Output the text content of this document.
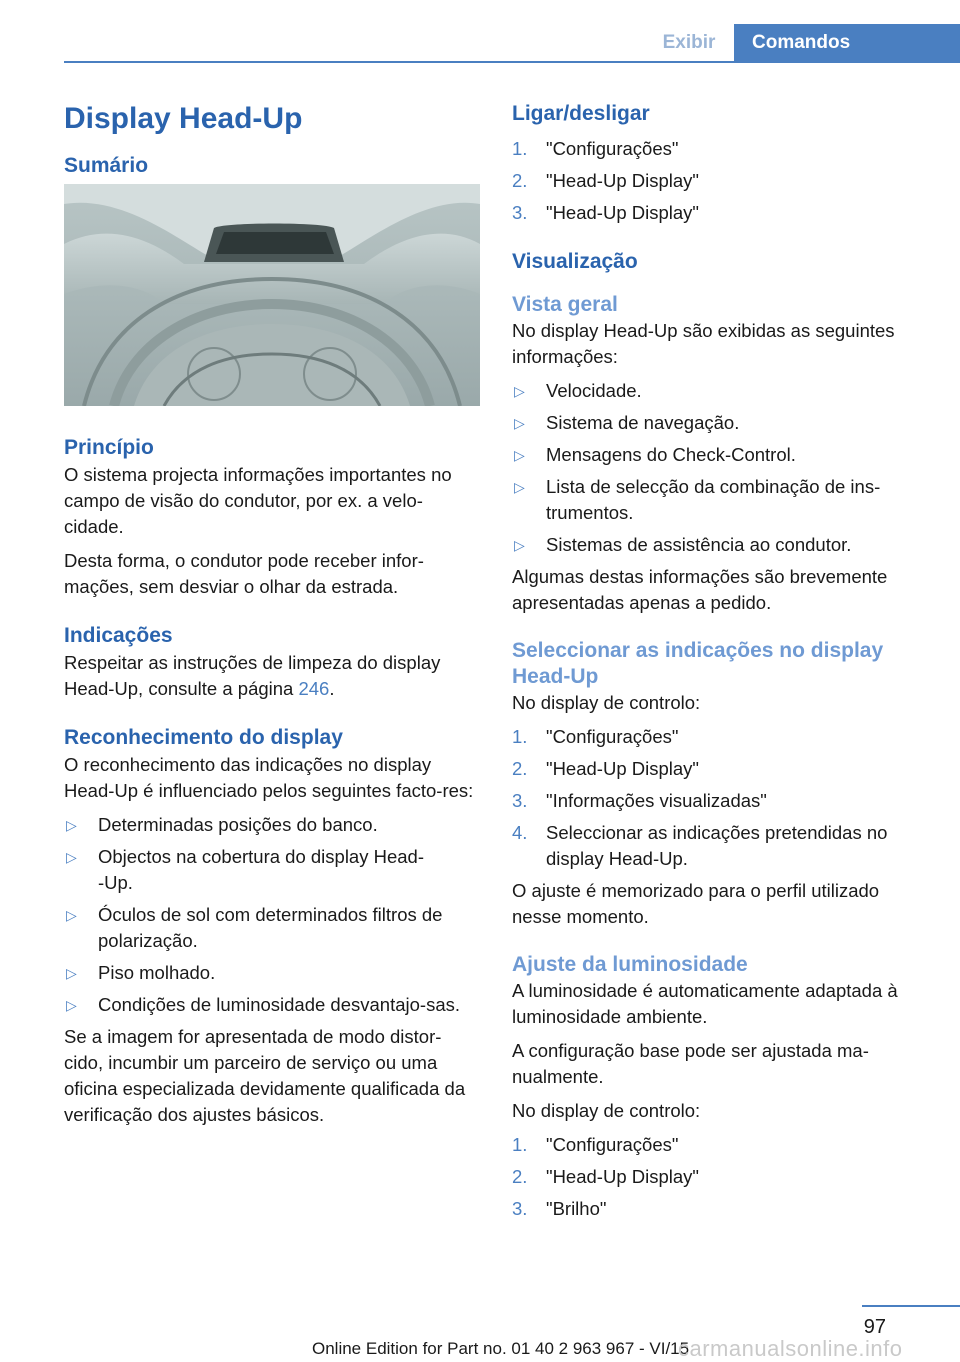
Exibir	Comandos
Display Head-Up
Sumário
Princípio
O sistema projecta informações importantes no campo de visão do condutor, por ex. a velo‐cidade.
Desta forma, o condutor pode receber infor‐mações, sem desviar o olhar da estrada.
Indicações
Respeitar as instruções de limpeza do display Head-Up, consulte a página 246.
Reconhecimento do display
O reconhecimento das indicações no display Head-Up é influenciado pelos seguintes facto‐res:
▷	Determinadas posições do banco.
▷	Objectos na cobertura do display Head-
-Up.
▷	Óculos de sol com determinados filtros de polarização.
▷	Piso molhado.
▷	Condições de luminosidade desvantajo‐sas.
Se a imagem for apresentada de modo distor‐cido, incumbir um parceiro de serviço ou uma oficina especializada devidamente qualificada da verificação dos ajustes básicos.
Ligar/desligar
1.	"Configurações"
2.	"Head-Up Display"
3.	"Head-Up Display"
Visualização
Vista geral
No display Head-Up são exibidas as seguintes informações:
▷	Velocidade.
▷	Sistema de navegação.
▷	Mensagens do Check-Control.
▷	Lista de selecção da combinação de ins‐trumentos.
▷	Sistemas de assistência ao condutor.
Algumas destas informações são brevemente apresentadas apenas a pedido.
Seleccionar as indicações no display Head-Up
No display de controlo:
1.	"Configurações"
2.	"Head-Up Display"
3.	"Informações visualizadas"
4.	Seleccionar as indicações pretendidas no display Head-Up.
O ajuste é memorizado para o perfil utilizado nesse momento.
Ajuste da luminosidade
A luminosidade é automaticamente adaptada à luminosidade ambiente.
A configuração base pode ser ajustada ma‐nualmente.
No display de controlo:
1.	"Configurações"
2.	"Head-Up Display"
3.	"Brilho"
97
Online Edition for Part no. 01 40 2 963 967 - VI/15
carmanualsonline.info
